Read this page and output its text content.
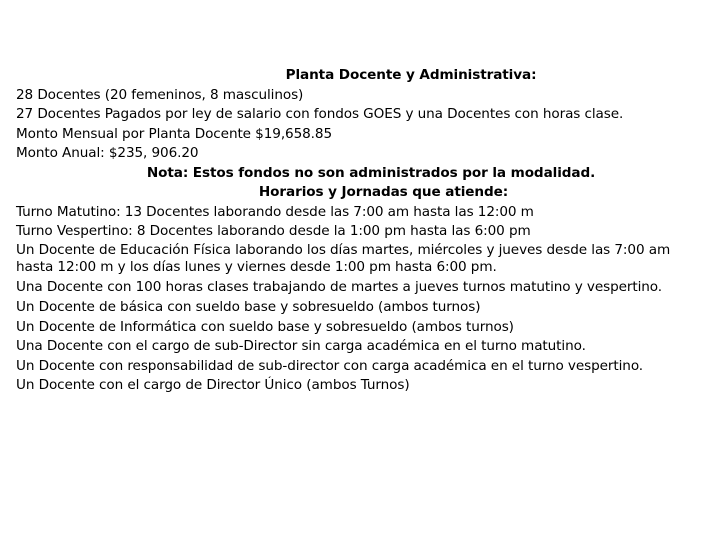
Planta Docente y Administrativa:
28 Docentes (20 femeninos, 8 masculinos)
27 Docentes Pagados por ley de salario con fondos GOES y una Docentes con horas clase.
Monto Mensual por Planta Docente $19,658.85
Monto Anual: $235, 906.20
Nota: Estos fondos no son administrados por la modalidad.
Horarios y Jornadas que atiende:
Turno Matutino: 13 Docentes laborando desde las 7:00 am hasta las 12:00 m
Turno Vespertino: 8 Docentes laborando desde la 1:00 pm hasta las 6:00 pm
Un Docente de Educación Física laborando los días martes, miércoles y jueves desde las 7:00 am hasta 12:00 m y los días lunes y viernes desde 1:00 pm hasta 6:00 pm.
Una Docente con 100 horas clases trabajando de martes a jueves turnos matutino y vespertino.
Un Docente de básica con sueldo base y sobresueldo (ambos turnos)
Un Docente de Informática con sueldo base y sobresueldo (ambos turnos)
Una Docente con el cargo de sub-Director sin carga académica en el turno matutino.
Un Docente con responsabilidad de sub-director con carga académica en el turno vespertino.
Un Docente con el cargo de Director Único (ambos Turnos)
